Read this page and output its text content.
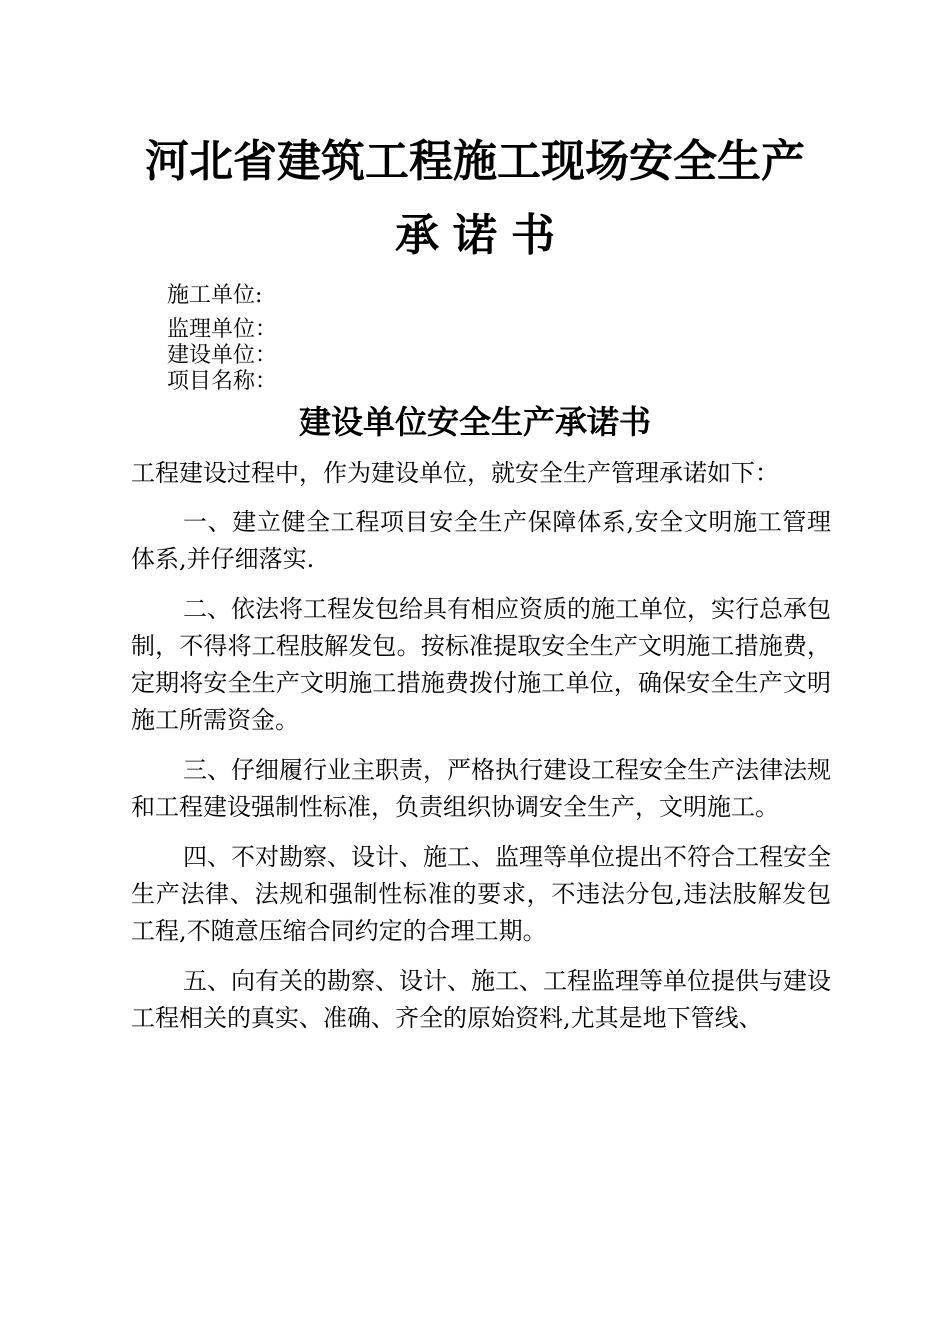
河北省建筑工程施工现场安全生产
承诺书
施工单位:
监理单位：
建设单位：
项目名称：
建设单位安全生产承诺书

工程建设过程中，作为建设单位，就安全生产管理承诺如下：

一、建立健全工程项目安全生产保障体系,安全文明施工管理体系,并仔细落实.

二、依法将工程发包给具有相应资质的施工单位，实行总承包制，不得将工程肢解发包。按标准提取安全生产文明施工措施费，定期将安全生产文明施工措施费拨付施工单位，确保安全生产文明施工所需资金。

三、仔细履行业主职责，严格执行建设工程安全生产法律法规和工程建设强制性标准，负责组织协调安全生产，文明施工。

四、不对勘察、设计、施工、监理等单位提出不符合工程安全生产法律、法规和强制性标准的要求，不违法分包,违法肢解发包工程,不随意压缩合同约定的合理工期。

五、向有关的勘察、设计、施工、工程监理等单位提供与建设工程相关的真实、准确、齐全的原始资料,尤其是地下管线、
